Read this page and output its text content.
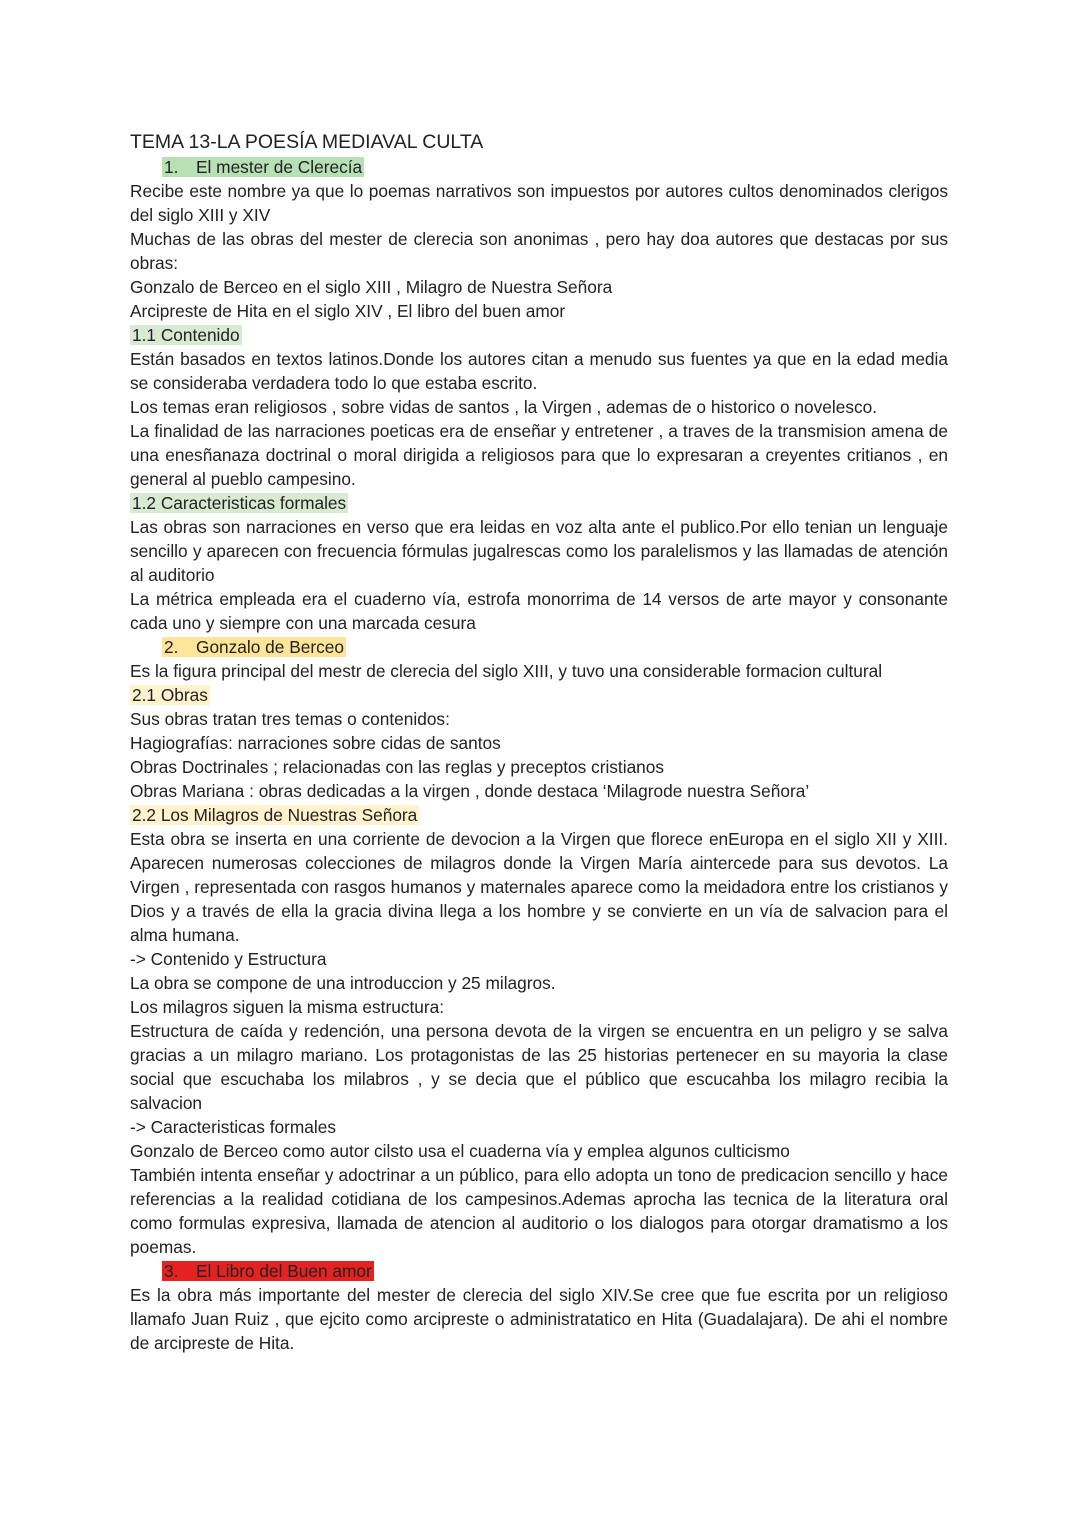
TEMA 13-LA POESÍA MEDIAVAL CULTA
1. El mester de Clerecía

Recibe este nombre ya que lo poemas narrativos son impuestos por autores cultos denominados clerigos del siglo XIII y XIV

Muchas de las obras del mester de clerecia son anonimas , pero hay doa autores que destacas por sus obras:

Gonzalo de Berceo en el siglo XIII , Milagro de Nuestra Señora

Arcipreste de Hita en el siglo XIV , El libro del buen amor

1.1 Contenido

Están basados en textos latinos.Donde los autores citan a menudo sus fuentes ya que en la edad media se consideraba verdadera todo lo que estaba escrito.

Los temas eran religiosos , sobre vidas de santos , la Virgen , ademas de o historico o novelesco.

La finalidad de las narraciones poeticas era de enseñar y entretener , a traves de la transmision amena de una enesñanaza doctrinal o moral dirigida a religiosos para que lo expresaran a creyentes critianos , en general al pueblo campesino.

1.2 Caracteristicas formales

Las obras son narraciones en verso que era leidas en voz alta ante el publico.Por ello tenian un lenguaje sencillo y aparecen con frecuencia fórmulas jugalrescas como los paralelismos y las llamadas de atención al auditorio

La métrica empleada era el cuaderno vía, estrofa monorrima de 14 versos de arte mayor y consonante cada uno y siempre con una marcada cesura

2. Gonzalo de Berceo

Es la figura principal del mestr de clerecia del siglo XIII, y tuvo una considerable formacion cultural

2.1 Obras

Sus obras tratan tres temas o contenidos:

Hagiografías: narraciones sobre cidas de santos

Obras Doctrinales ; relacionadas con las reglas y preceptos cristianos

Obras Mariana : obras dedicadas a la virgen , donde destaca ‘Milagrode nuestra Señora’

2.2 Los Milagros de Nuestras Señora

Esta obra se inserta en una corriente de devocion a la Virgen que florece enEuropa en el siglo XII y XIII. Aparecen numerosas colecciones de milagros donde la Virgen María aintercede para sus devotos. La Virgen , representada con rasgos humanos y maternales aparece como la meidadora entre los cristianos y Dios y a través de ella la gracia divina llega a los hombre y se convierte en un vía de salvacion para el alma humana.

-> Contenido y Estructura

La obra se compone de una introduccion y 25 milagros.

Los milagros siguen la misma estructura:

Estructura de caída y redención, una persona devota de la virgen se encuentra en un peligro y se salva gracias a un milagro mariano. Los protagonistas de las 25 historias pertenecer en su mayoria la clase social que escuchaba los milabros , y se decia que el público que escucahba los milagro recibia la salvacion

-> Caracteristicas formales

Gonzalo de Berceo como autor cilsto usa el cuaderna vía y emplea algunos culticismo

También intenta enseñar y adoctrinar a un público, para ello adopta un tono de predicacion sencillo y hace referencias a la realidad cotidiana de los campesinos.Ademas aprocha las tecnica de la literatura oral como formulas expresiva, llamada de atencion al auditorio o los dialogos para otorgar dramatismo a los poemas.

3. El Libro del Buen amor

Es la obra más importante del mester de clerecia del siglo XIV.Se cree que fue escrita por un religioso llamafo Juan Ruiz , que ejcito como arcipreste o administratatico en Hita (Guadalajara). De ahi el nombre de arcipreste de Hita.
